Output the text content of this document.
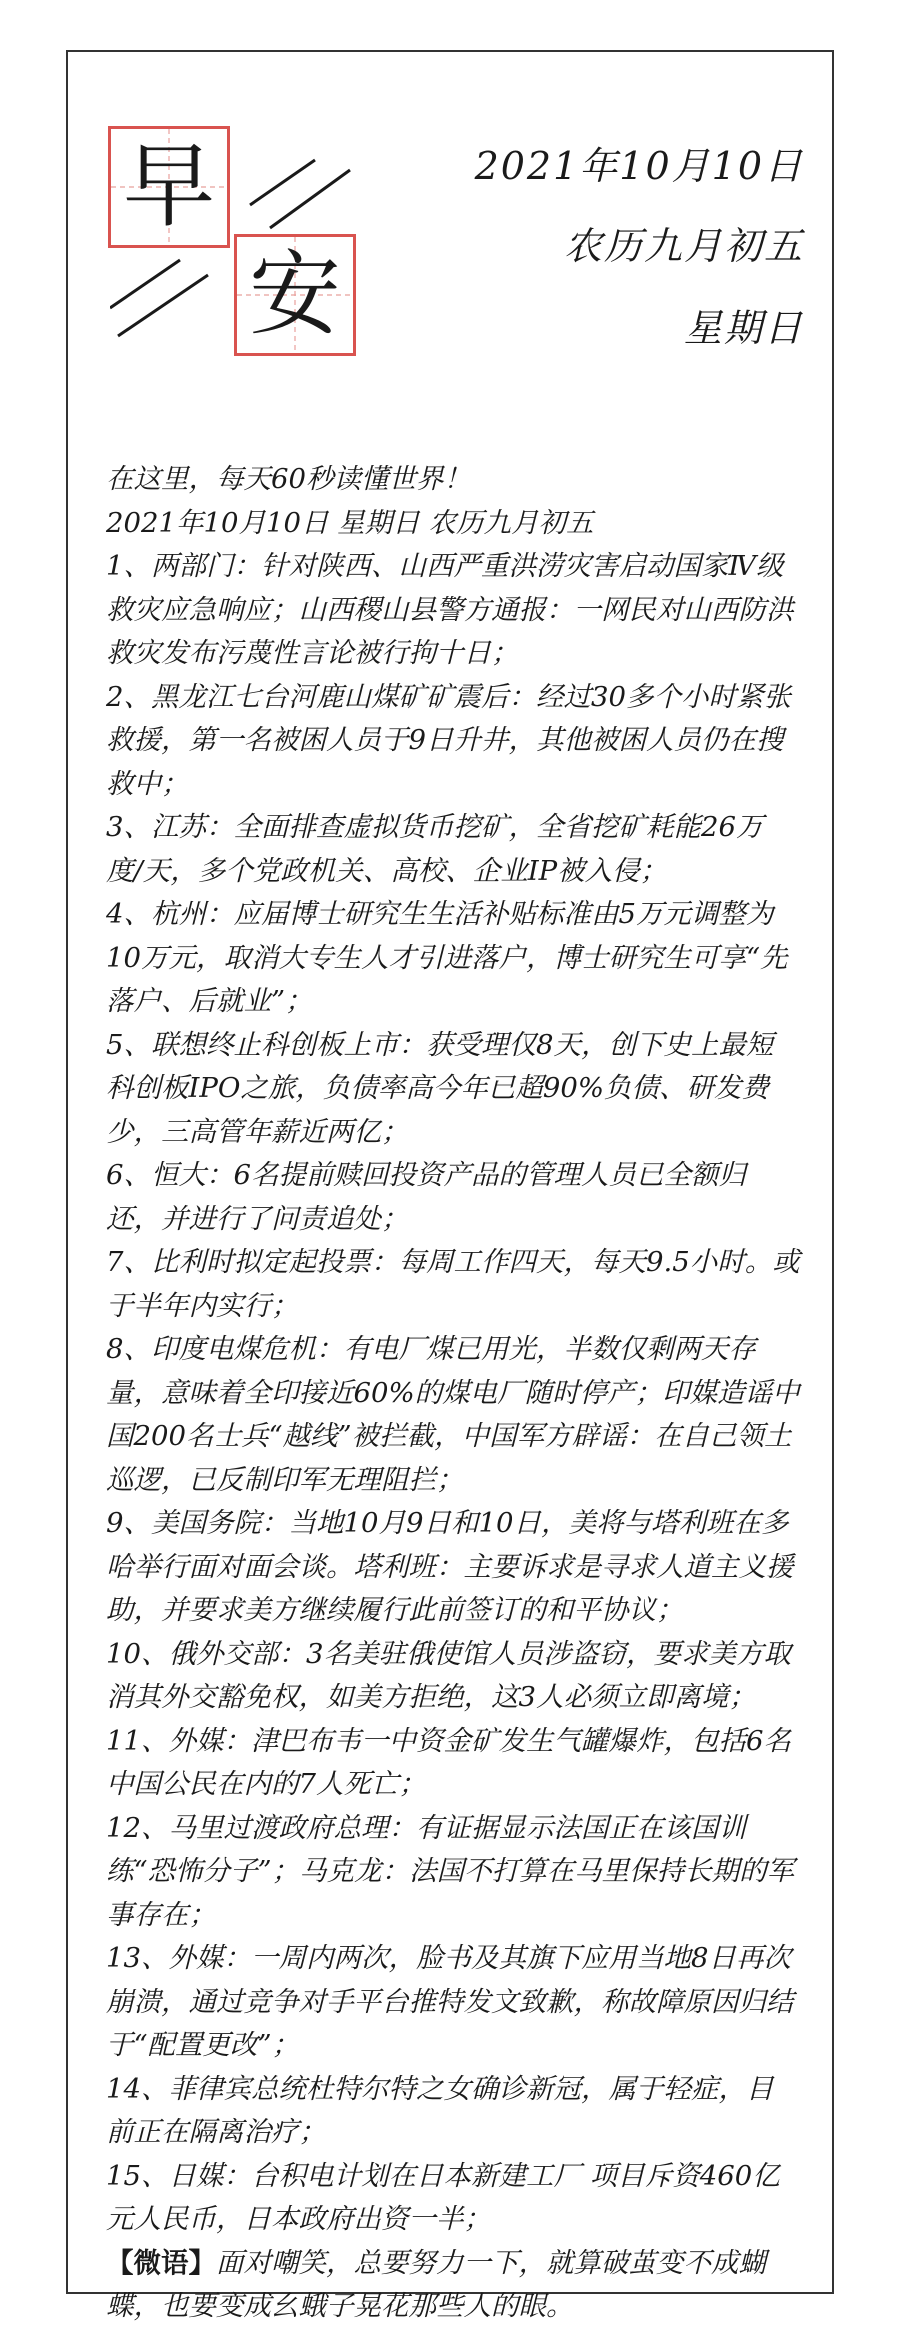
早
安
2021年10月10日
农历九月初五
星期日

在这里，每天60秒读懂世界！

2021年10月10日 星期日 农历九月初五

1、两部门：针对陕西、山西严重洪涝灾害启动国家Ⅳ级救灾应急响应；山西稷山县警方通报：一网民对山西防洪救灾发布污蔑性言论被行拘十日；

2、黑龙江七台河鹿山煤矿矿震后：经过30多个小时紧张救援，第一名被困人员于9日升井，其他被困人员仍在搜救中；

3、江苏：全面排查虚拟货币挖矿，全省挖矿耗能26万度/天，多个党政机关、高校、企业IP被入侵；

4、杭州：应届博士研究生生活补贴标准由5万元调整为10万元，取消大专生人才引进落户，博士研究生可享“先落户、后就业”；

5、联想终止科创板上市：获受理仅8天，创下史上最短科创板IPO之旅，负债率高今年已超90%负债、研发费少，三高管年薪近两亿；

6、恒大：6名提前赎回投资产品的管理人员已全额归还，并进行了问责追处；

7、比利时拟定起投票：每周工作四天，每天9.5小时。或于半年内实行；

8、印度电煤危机：有电厂煤已用光，半数仅剩两天存量，意味着全印接近60%的煤电厂随时停产；印媒造谣中国200名士兵“越线”被拦截，中国军方辟谣：在自己领土巡逻，已反制印军无理阻拦；

9、美国务院：当地10月9日和10日，美将与塔利班在多哈举行面对面会谈。塔利班：主要诉求是寻求人道主义援助，并要求美方继续履行此前签订的和平协议；

10、俄外交部：3名美驻俄使馆人员涉盗窃，要求美方取消其外交豁免权，如美方拒绝，这3人必须立即离境；

11、外媒：津巴布韦一中资金矿发生气罐爆炸，包括6名中国公民在内的7人死亡；

12、马里过渡政府总理：有证据显示法国正在该国训练“恐怖分子”；马克龙：法国不打算在马里保持长期的军事存在；

13、外媒：一周内两次，脸书及其旗下应用当地8日再次崩溃，通过竞争对手平台推特发文致歉，称故障原因归结于“配置更改”；

14、菲律宾总统杜特尔特之女确诊新冠，属于轻症，目前正在隔离治疗；

15、日媒：台积电计划在日本新建工厂 项目斥资460亿元人民币，日本政府出资一半；

【微语】面对嘲笑，总要努力一下，就算破茧变不成蝴蝶，也要变成幺蛾子晃花那些人的眼。
